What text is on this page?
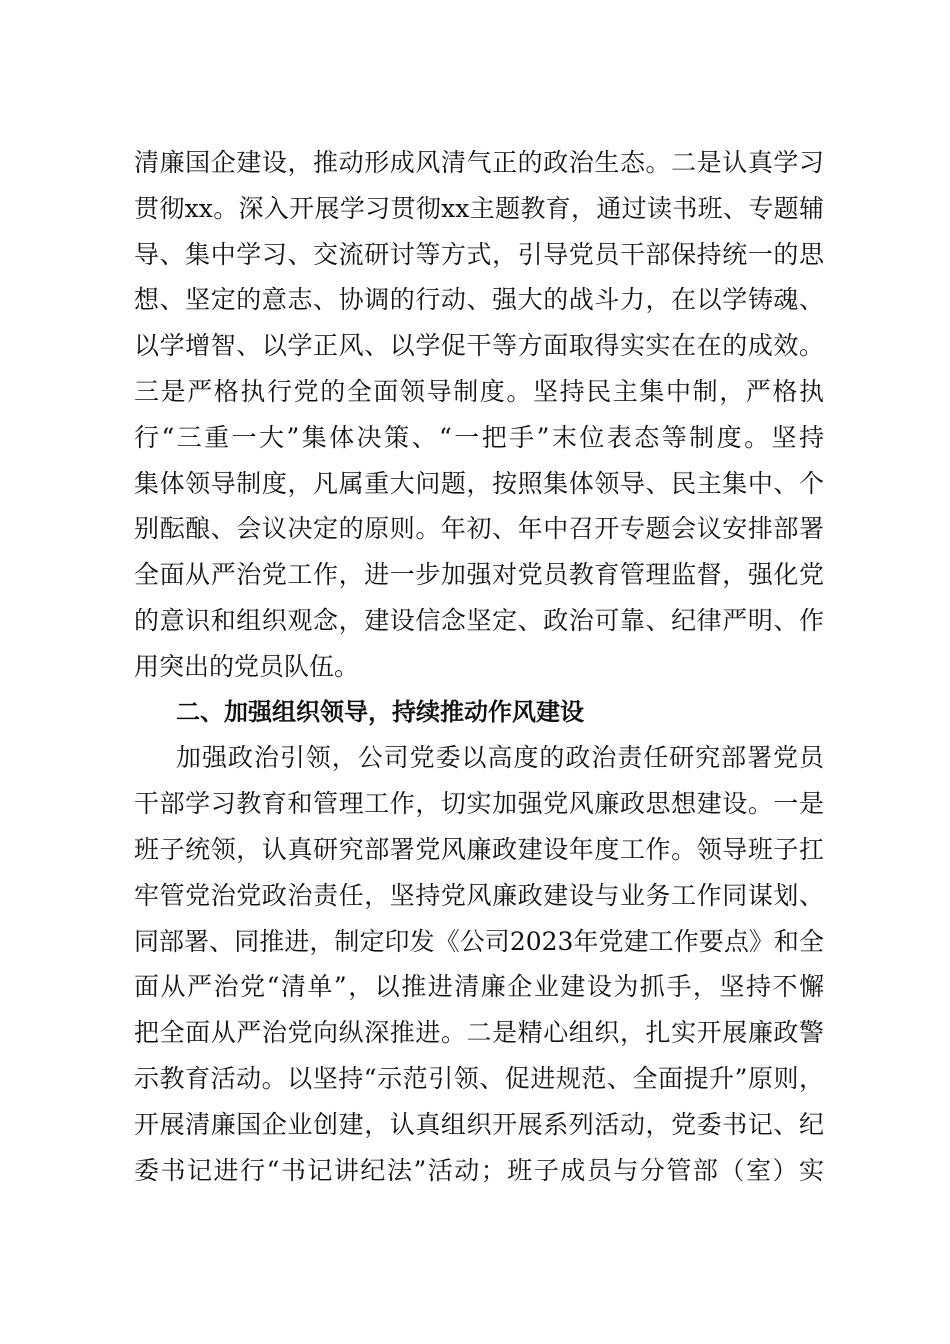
清廉国企建设，推动形成风清气正的政治生态。二是认真学习
贯彻xx。深入开展学习贯彻xx主题教育，通过读书班、专题辅
导、集中学习、交流研讨等方式，引导党员干部保持统一的思
想、坚定的意志、协调的行动、强大的战斗力，在以学铸魂、
以学增智、以学正风、以学促干等方面取得实实在在的成效。
三是严格执行党的全面领导制度。坚持民主集中制，严格执
行“三重一大”集体决策、“一把手”末位表态等制度。坚持
集体领导制度，凡属重大问题，按照集体领导、民主集中、个
别酝酿、会议决定的原则。年初、年中召开专题会议安排部署
全面从严治党工作，进一步加强对党员教育管理监督，强化党
的意识和组织观念，建设信念坚定、政治可靠、纪律严明、作
用突出的党员队伍。
二、加强组织领导，持续推动作风建设
加强政治引领，公司党委以高度的政治责任研究部署党员
干部学习教育和管理工作，切实加强党风廉政思想建设。一是
班子统领，认真研究部署党风廉政建设年度工作。领导班子扛
牢管党治党政治责任，坚持党风廉政建设与业务工作同谋划、
同部署、同推进，制定印发《公司2023年党建工作要点》和全
面从严治党“清单”，以推进清廉企业建设为抓手，坚持不懈
把全面从严治党向纵深推进。二是精心组织，扎实开展廉政警
示教育活动。以坚持“示范引领、促进规范、全面提升”原则，
开展清廉国企业创建，认真组织开展系列活动，党委书记、纪
委书记进行“书记讲纪法”活动；班子成员与分管部（室）实
